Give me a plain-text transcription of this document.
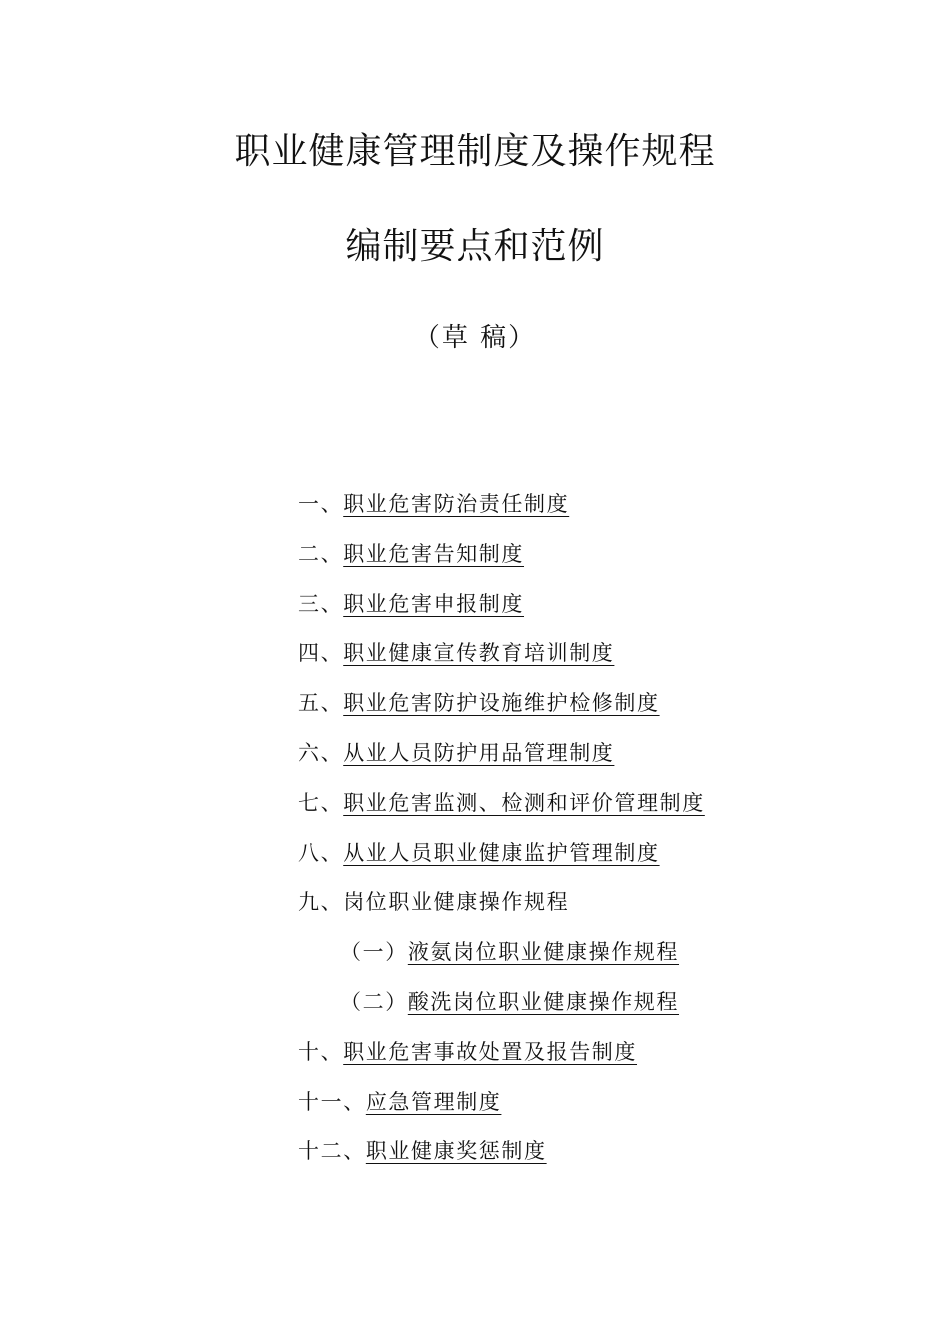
职业健康管理制度及操作规程
编制要点和范例
（草 稿）
一、职业危害防治责任制度
二、职业危害告知制度
三、职业危害申报制度
四、职业健康宣传教育培训制度
五、职业危害防护设施维护检修制度
六、从业人员防护用品管理制度
七、职业危害监测、检测和评价管理制度
八、从业人员职业健康监护管理制度
九、岗位职业健康操作规程
（一）液氨岗位职业健康操作规程
（二）酸洗岗位职业健康操作规程
十、职业危害事故处置及报告制度
十一、应急管理制度
十二、职业健康奖惩制度
